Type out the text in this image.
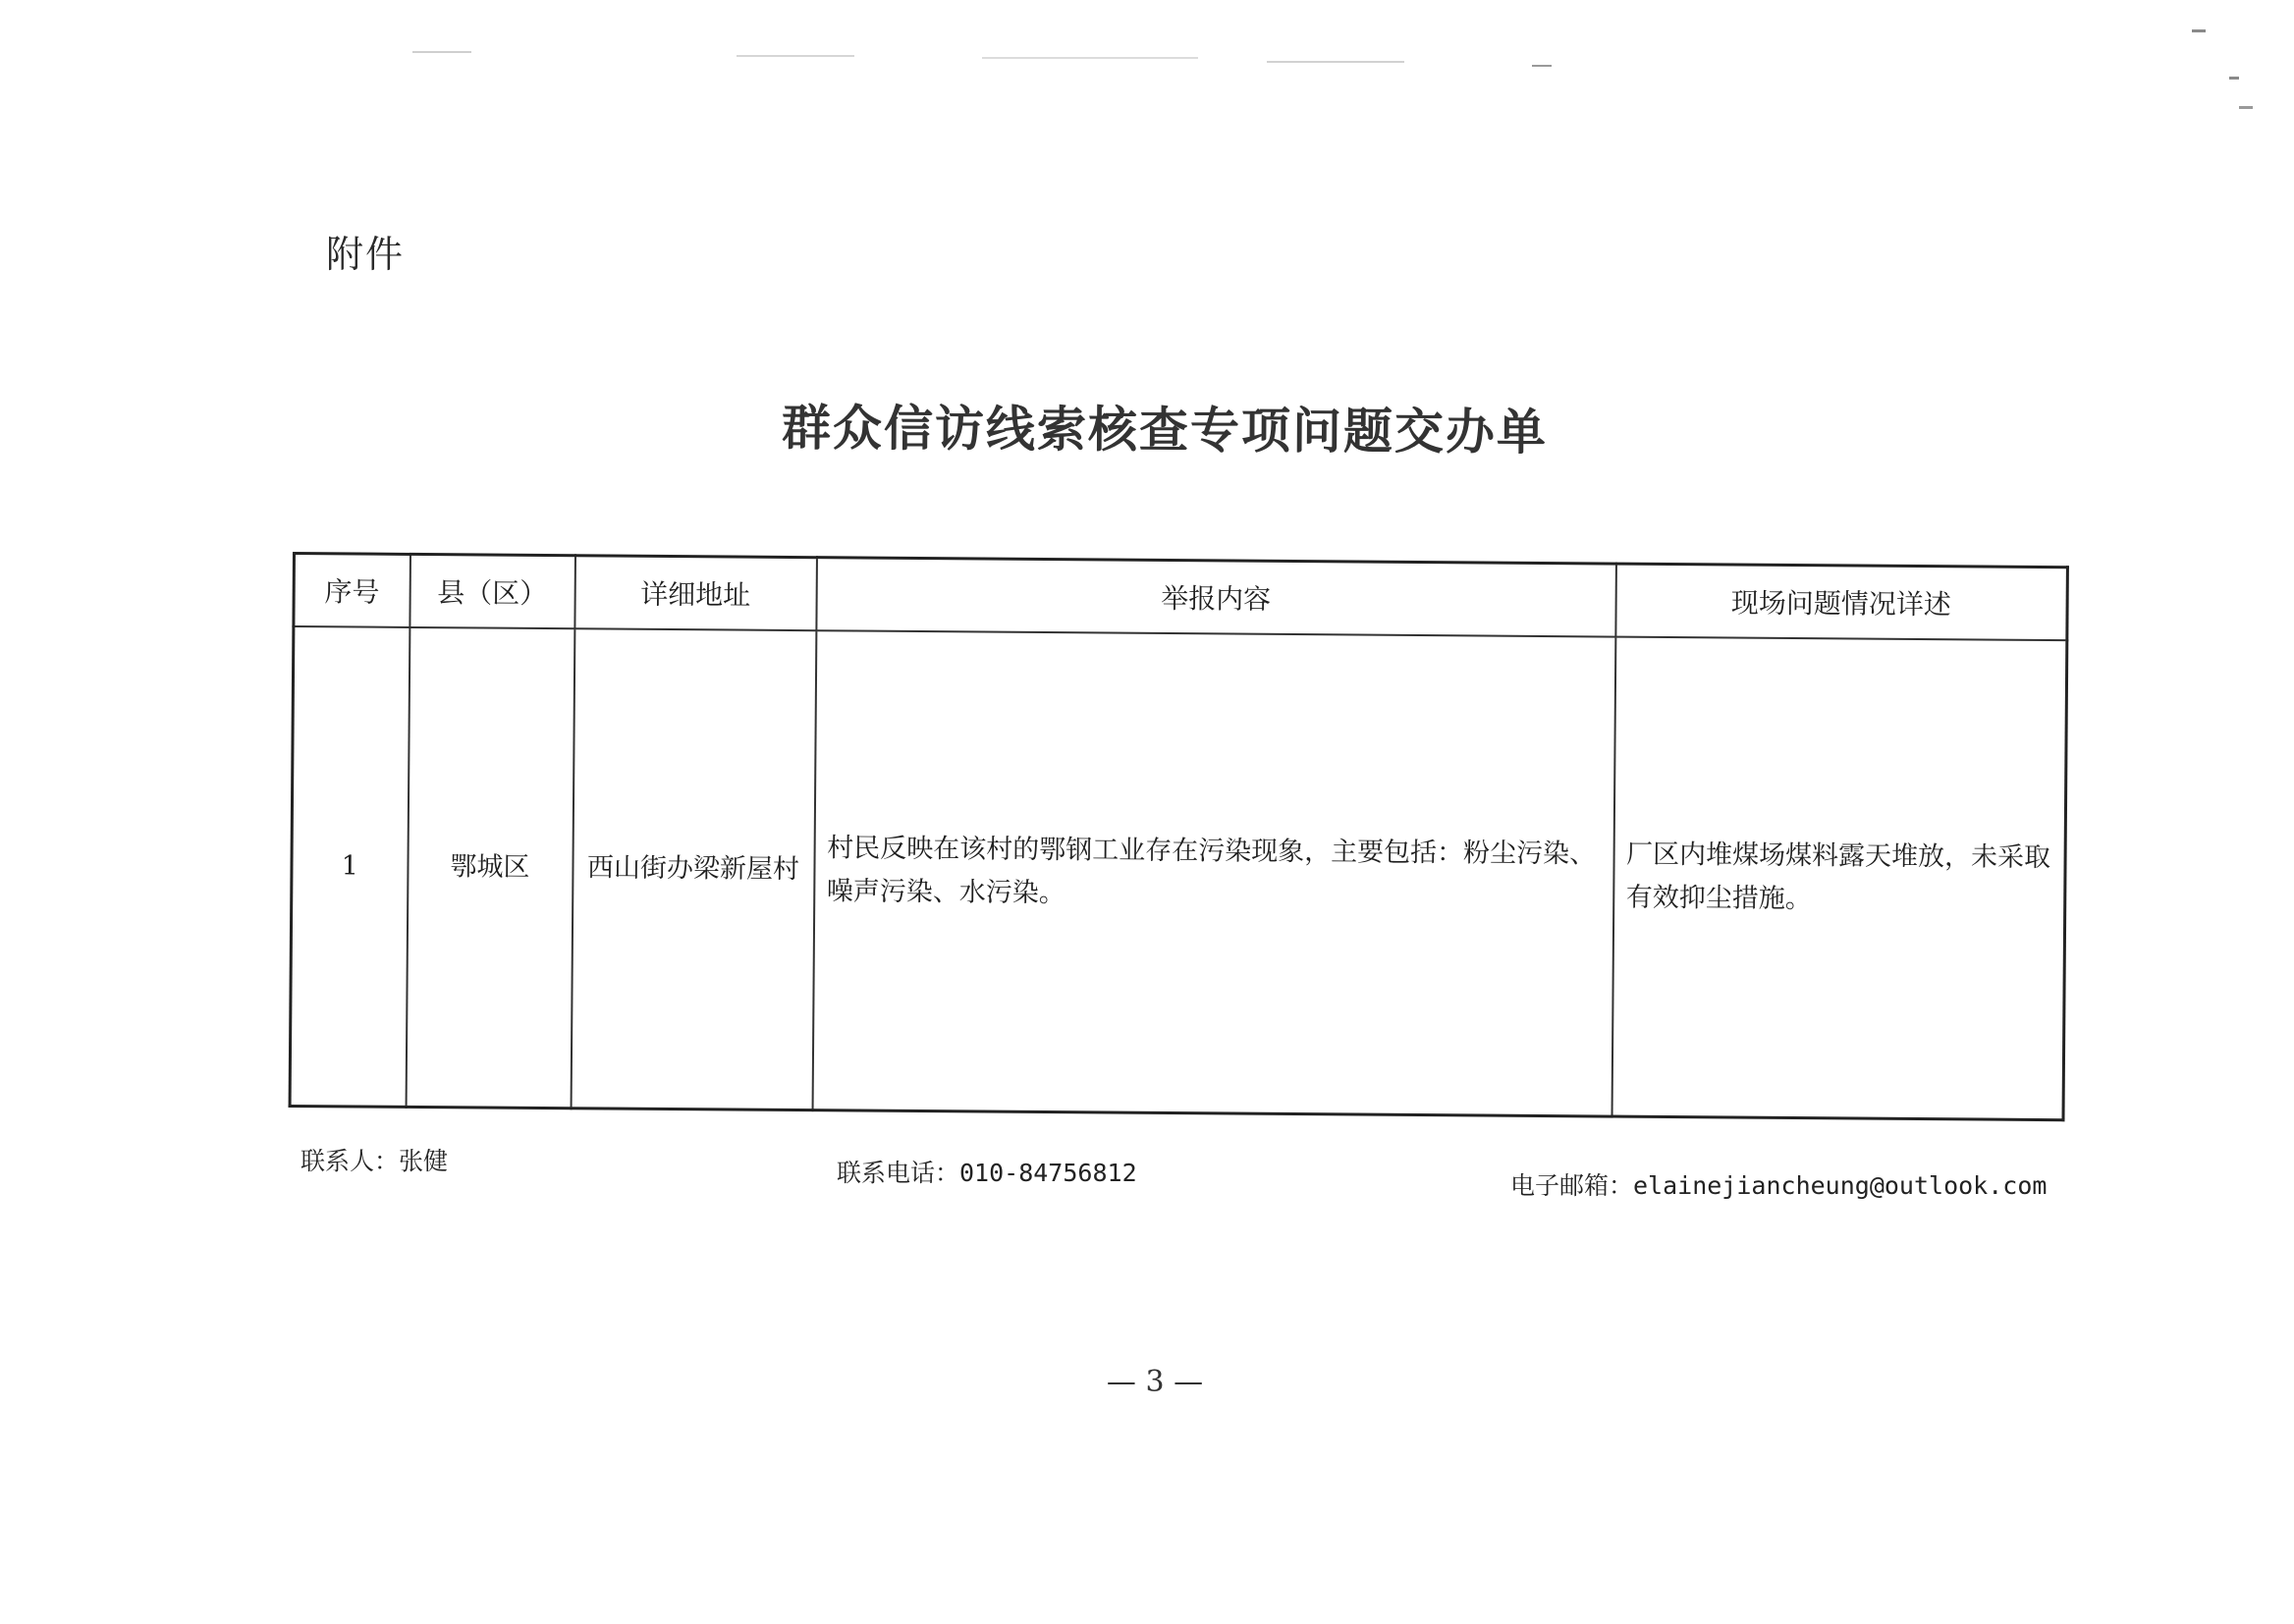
附件
群众信访线索核查专项问题交办单
序号	县（区）	详细地址	举报内容	现场问题情况详述
1	鄂城区	西山街办梁新屋村	村民反映在该村的鄂钢工业存在污染现象，主要包括：粉尘污染、噪声污染、水污染。	厂区内堆煤场煤料露天堆放，未采取有效抑尘措施。
联系人：张健	联系电话：010-84756812	电子邮箱：elainejiancheung@outlook.com
— 3 —
